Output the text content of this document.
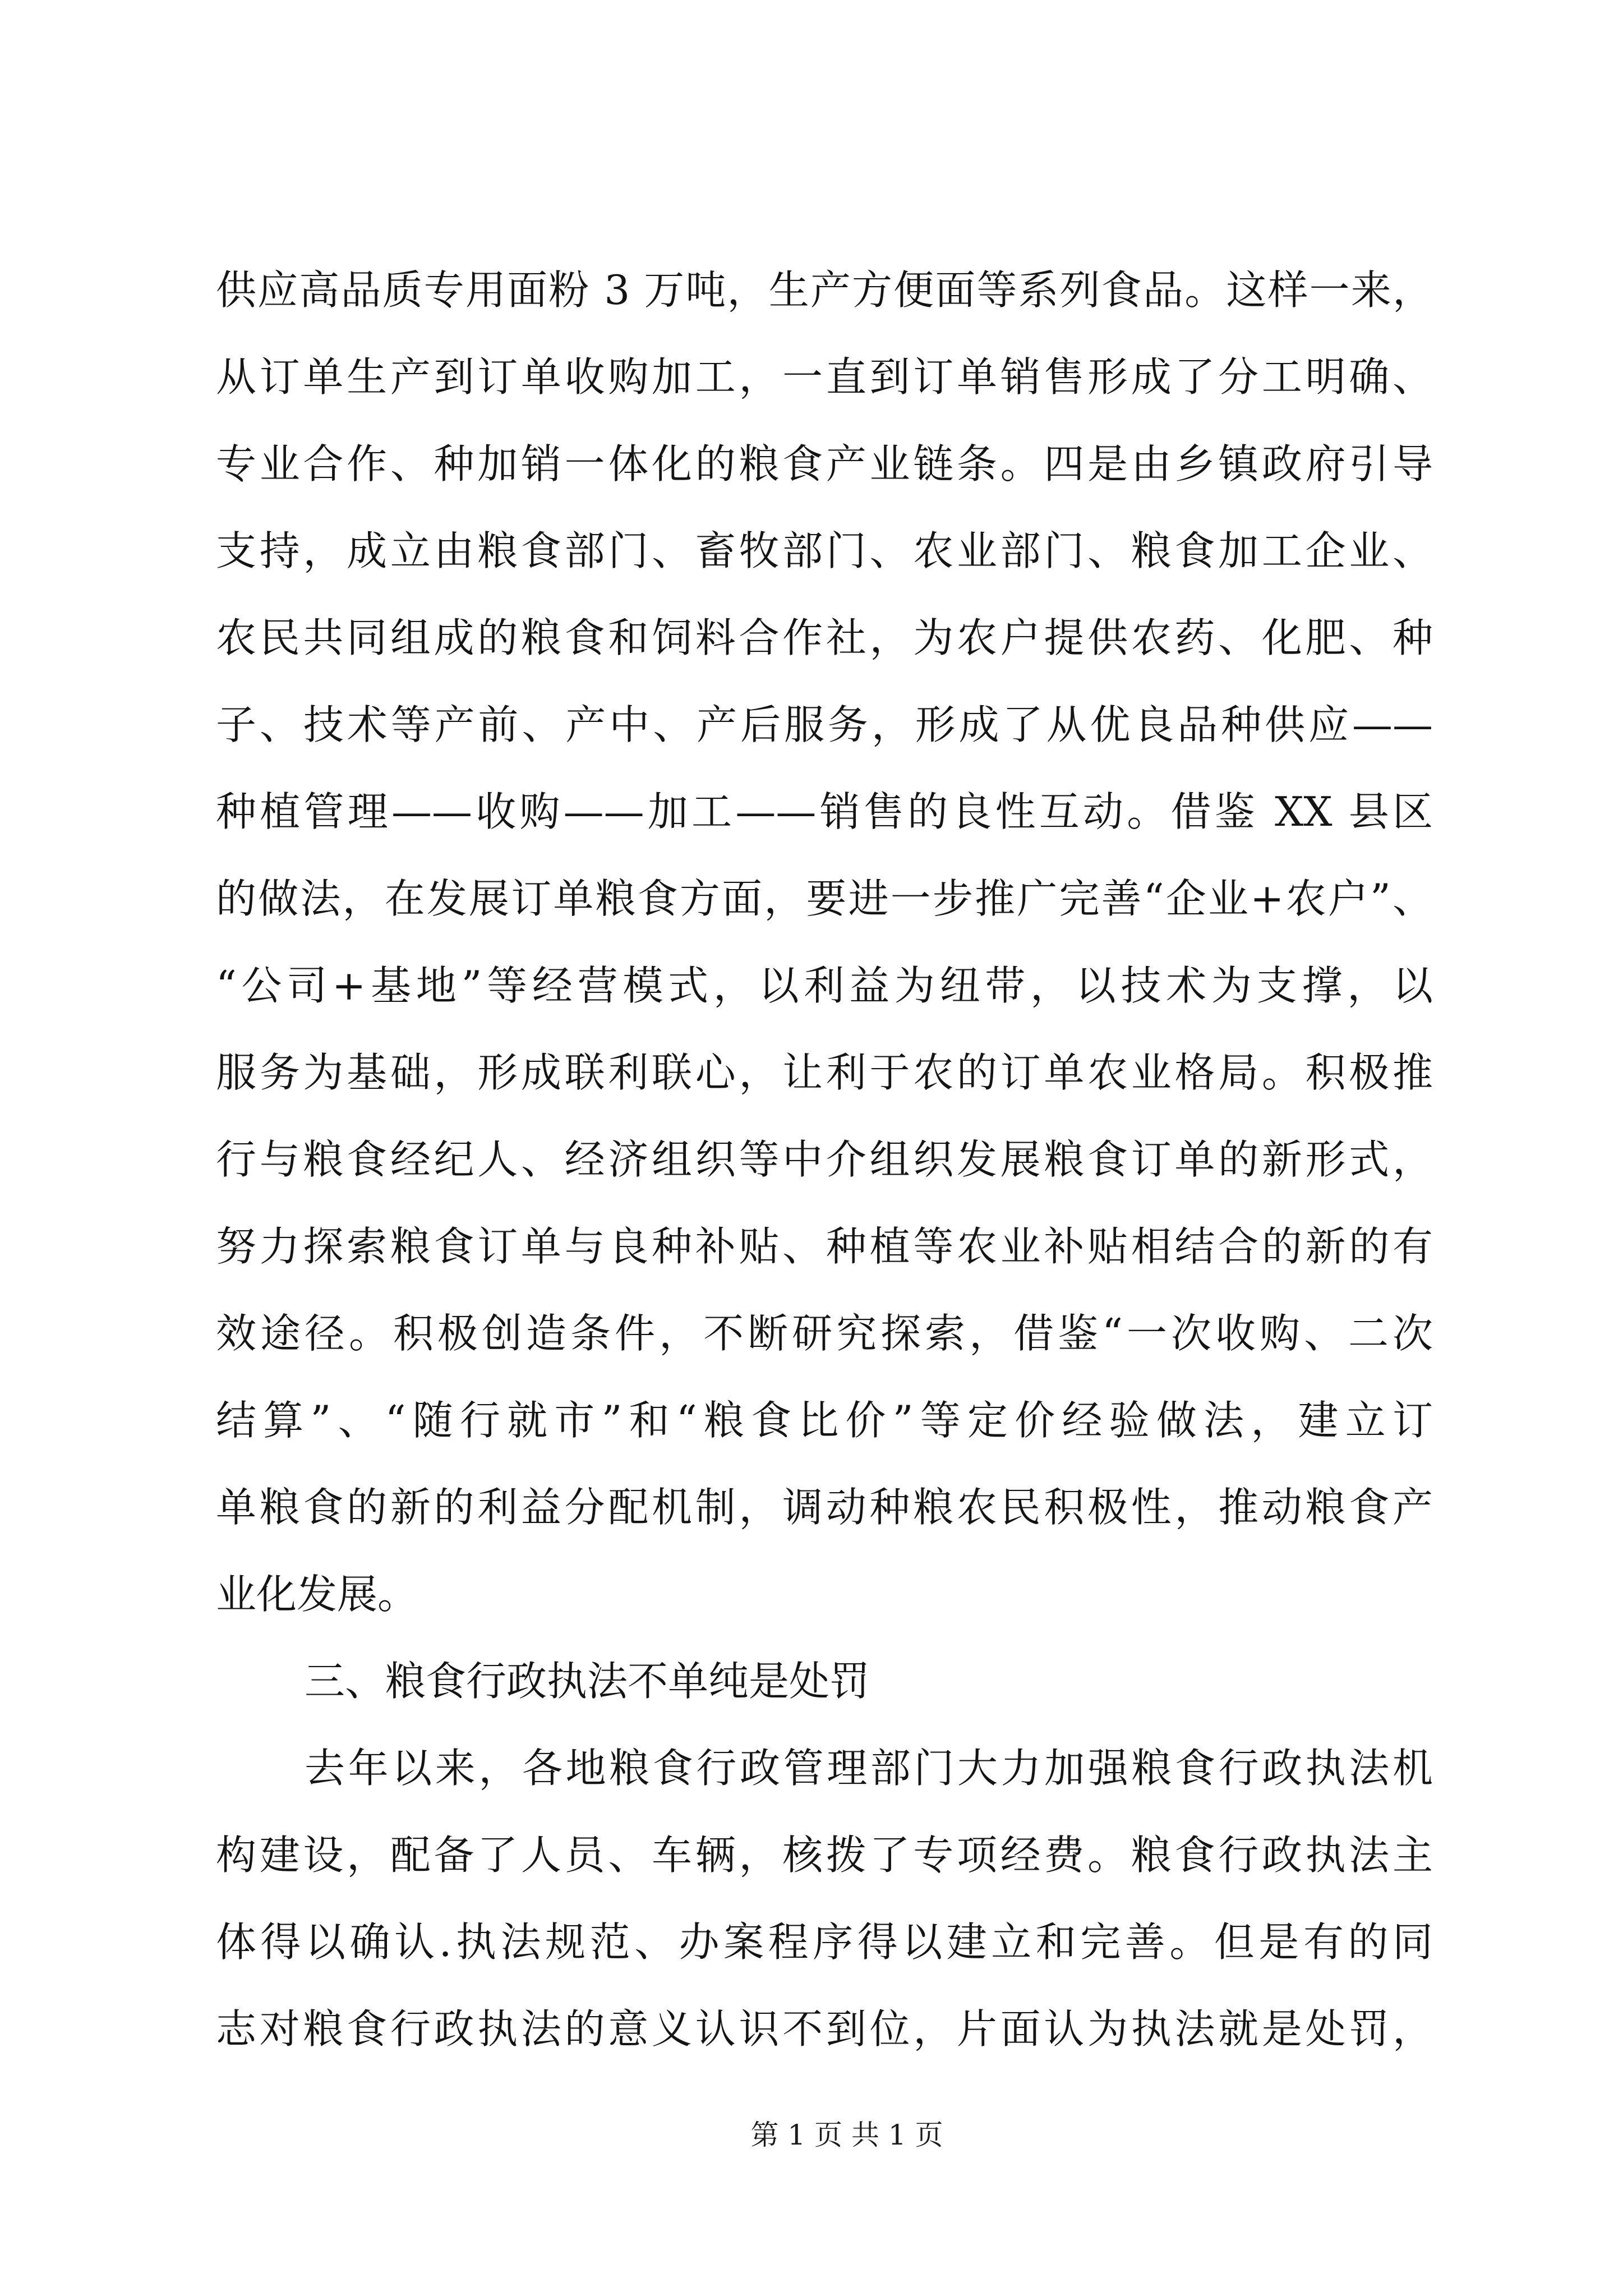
供应高品质专用面粉 3 万吨，生产方便面等系列食品。这样一来，
从订单生产到订单收购加工，一直到订单销售形成了分工明确、
专业合作、种加销一体化的粮食产业链条。四是由乡镇政府引导
支持，成立由粮食部门、畜牧部门、农业部门、粮食加工企业、
农民共同组成的粮食和饲料合作社，为农户提供农药、化肥、种
子、技术等产前、产中、产后服务，形成了从优良品种供应——
种植管理——收购——加工——销售的良性互动。借鉴 XX 县区
的做法，在发展订单粮食方面，要进一步推广完善“企业+农户”、
“公司+基地”等经营模式，以利益为纽带，以技术为支撑，以
服务为基础，形成联利联心，让利于农的订单农业格局。积极推
行与粮食经纪人、经济组织等中介组织发展粮食订单的新形式，
努力探索粮食订单与良种补贴、种植等农业补贴相结合的新的有
效途径。积极创造条件，不断研究探索，借鉴“一次收购、二次
结算”、“随行就市”和“粮食比价”等定价经验做法，建立订
单粮食的新的利益分配机制，调动种粮农民积极性，推动粮食产
业化发展。
三、粮食行政执法不单纯是处罚
去年以来，各地粮食行政管理部门大力加强粮食行政执法机
构建设，配备了人员、车辆，核拨了专项经费。粮食行政执法主
体得以确认.执法规范、办案程序得以建立和完善。但是有的同
志对粮食行政执法的意义认识不到位，片面认为执法就是处罚，
第 1 页 共 1 页
